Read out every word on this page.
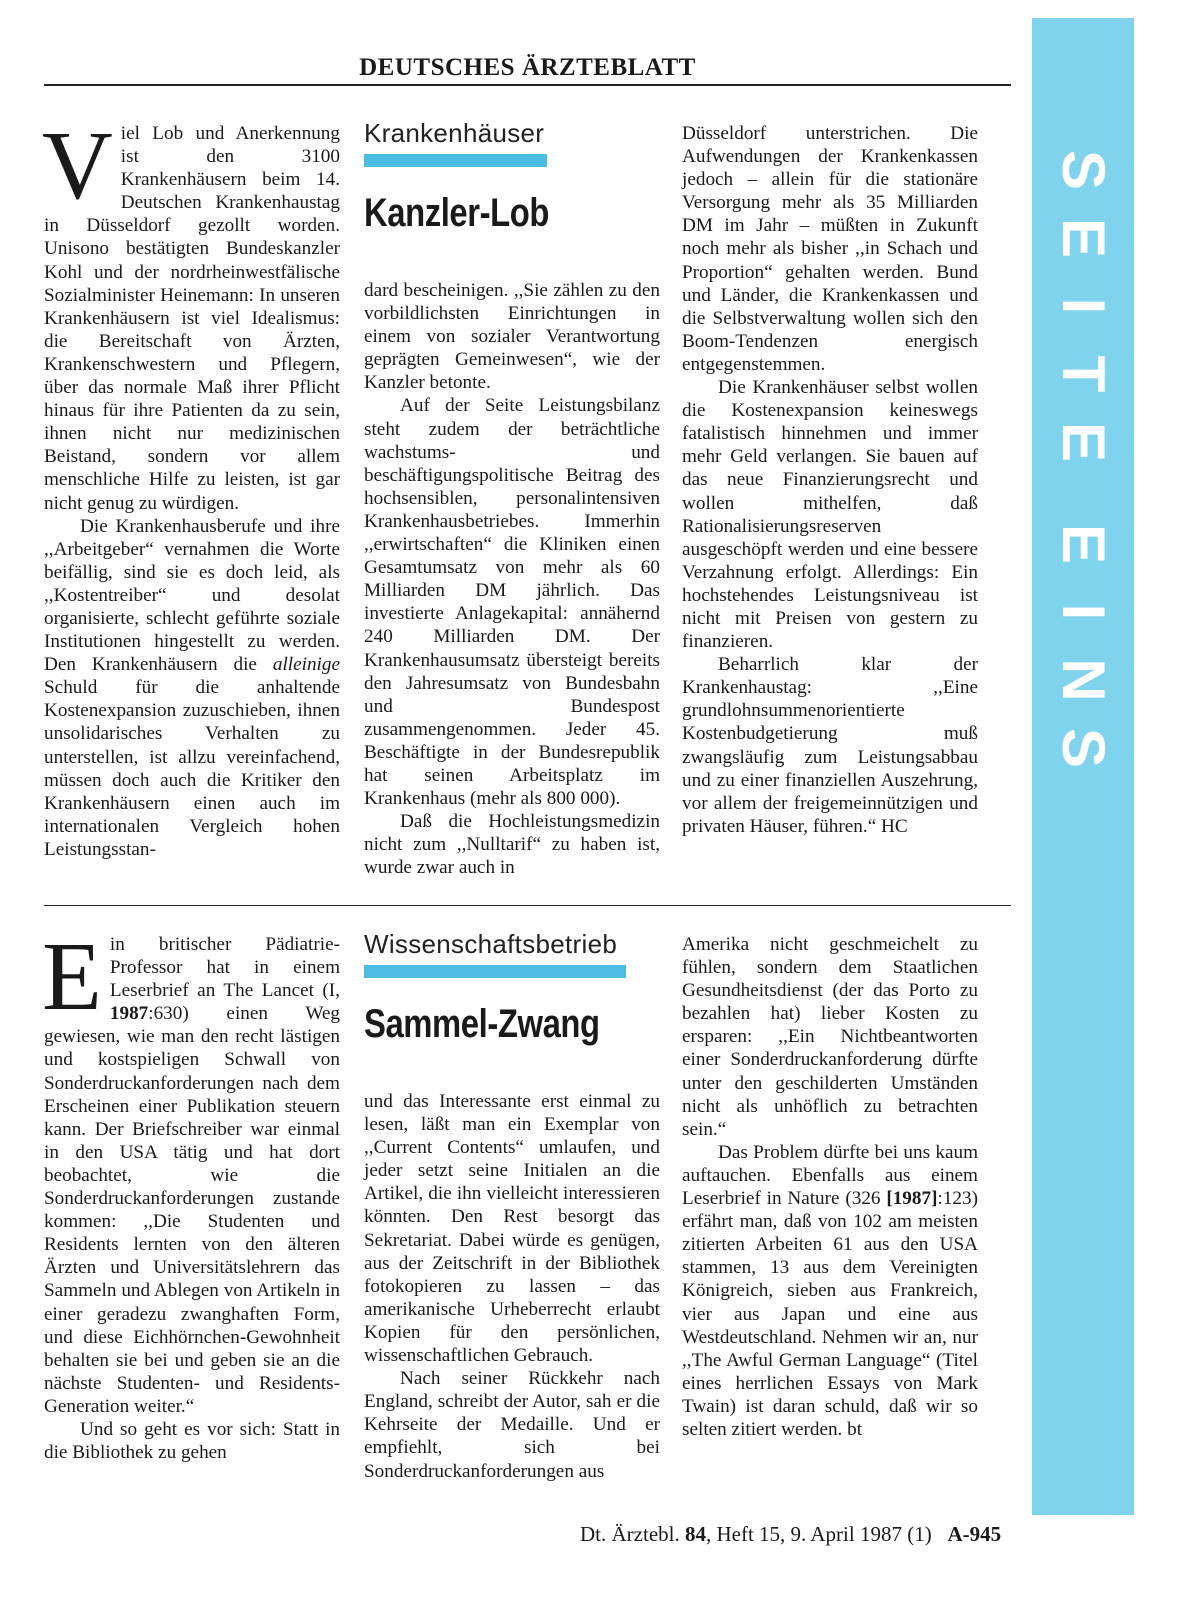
DEUTSCHES ÄRZTEBLATT
S
E
I
T
E
E
I
N
S

Viel Lob und Anerkennung ist den 3100 Krankenhäusern beim 14. Deutschen Krankenhaustag in Düsseldorf gezollt worden. Unisono bestätigten Bundeskanzler Kohl und der nordrheinwestfälische Sozialminister Heinemann: In unseren Krankenhäusern ist viel Idealismus: die Bereitschaft von Ärzten, Krankenschwestern und Pflegern, über das normale Maß ihrer Pflicht hinaus für ihre Patienten da zu sein, ihnen nicht nur medizinischen Beistand, sondern vor allem menschliche Hilfe zu leisten, ist gar nicht genug zu würdigen.

Die Krankenhausberufe und ihre ,,Arbeitgeber“ vernahmen die Worte beifällig, sind sie es doch leid, als ,,Kostentreiber“ und desolat organisierte, schlecht geführte soziale Institutionen hingestellt zu werden. Den Krankenhäusern die alleinige Schuld für die anhaltende Kostenexpansion zuzuschieben, ihnen unsolidarisches Verhalten zu unterstellen, ist allzu vereinfachend, müssen doch auch die Kritiker den Krankenhäusern einen auch im internationalen Vergleich hohen Leistungsstan-

Krankenhäuser
Kanzler-Lob

dard bescheinigen. ,,Sie zählen zu den vorbildlichsten Einrichtungen in einem von sozialer Verantwortung geprägten Gemeinwesen“, wie der Kanzler betonte.

Auf der Seite Leistungsbilanz steht zudem der beträchtliche wachstums- und beschäftigungspolitische Beitrag des hochsensiblen, personalintensiven Krankenhausbetriebes. Immerhin ,,erwirtschaften“ die Kliniken einen Gesamtumsatz von mehr als 60 Milliarden DM jährlich. Das investierte Anlagekapital: annähernd 240 Milliarden DM. Der Krankenhausumsatz übersteigt bereits den Jahresumsatz von Bundesbahn und Bundespost zusammengenommen. Jeder 45. Beschäftigte in der Bundesrepublik hat seinen Arbeitsplatz im Krankenhaus (mehr als 800 000).

Daß die Hochleistungsmedizin nicht zum ,,Nulltarif“ zu haben ist, wurde zwar auch in

Düsseldorf unterstrichen. Die Aufwendungen der Krankenkassen jedoch – allein für die stationäre Versorgung mehr als 35 Milliarden DM im Jahr – müßten in Zukunft noch mehr als bisher ,,in Schach und Proportion“ gehalten werden. Bund und Länder, die Krankenkassen und die Selbstverwaltung wollen sich den Boom-Tendenzen energisch entgegenstemmen.

Die Krankenhäuser selbst wollen die Kostenexpansion keineswegs fatalistisch hinnehmen und immer mehr Geld verlangen. Sie bauen auf das neue Finanzierungsrecht und wollen mithelfen, daß Rationalisierungsreserven ausgeschöpft werden und eine bessere Verzahnung erfolgt. Allerdings: Ein hochstehendes Leistungsniveau ist nicht mit Preisen von gestern zu finanzieren.

Beharrlich klar der Krankenhaustag: ,,Eine grundlohnsummenorientierte Kostenbudgetierung muß zwangsläufig zum Leistungsabbau und zu einer finanziellen Auszehrung, vor allem der freigemeinnützigen und privaten Häuser, führen.“ HC

Ein britischer Pädiatrie-Professor hat in einem Leserbrief an The Lancet (I, 1987:630) einen Weg gewiesen, wie man den recht lästigen und kostspieligen Schwall von Sonderdruckanforderungen nach dem Erscheinen einer Publikation steuern kann. Der Briefschreiber war einmal in den USA tätig und hat dort beobachtet, wie die Sonderdruckanforderungen zustande kommen: ,,Die Studenten und Residents lernten von den älteren Ärzten und Universitätslehrern das Sammeln und Ablegen von Artikeln in einer geradezu zwanghaften Form, und diese Eichhörnchen-Gewohnheit behalten sie bei und geben sie an die nächste Studenten- und Residents-Generation weiter.“

Und so geht es vor sich: Statt in die Bibliothek zu gehen

Wissenschaftsbetrieb
Sammel-Zwang

und das Interessante erst einmal zu lesen, läßt man ein Exemplar von ,,Current Contents“ umlaufen, und jeder setzt seine Initialen an die Artikel, die ihn vielleicht interessieren könnten. Den Rest besorgt das Sekretariat. Dabei würde es genügen, aus der Zeitschrift in der Bibliothek fotokopieren zu lassen – das amerikanische Urheberrecht erlaubt Kopien für den persönlichen, wissenschaftlichen Gebrauch.

Nach seiner Rückkehr nach England, schreibt der Autor, sah er die Kehrseite der Medaille. Und er empfiehlt, sich bei Sonderdruckanforderungen aus

Amerika nicht geschmeichelt zu fühlen, sondern dem Staatlichen Gesundheitsdienst (der das Porto zu bezahlen hat) lieber Kosten zu ersparen: ,,Ein Nichtbeantworten einer Sonderdruckanforderung dürfte unter den geschilderten Umständen nicht als unhöflich zu betrachten sein.“

Das Problem dürfte bei uns kaum auftauchen. Ebenfalls aus einem Leserbrief in Nature (326 [1987]:123) erfährt man, daß von 102 am meisten zitierten Arbeiten 61 aus den USA stammen, 13 aus dem Vereinigten Königreich, sieben aus Frankreich, vier aus Japan und eine aus Westdeutschland. Nehmen wir an, nur ,,The Awful German Language“ (Titel eines herrlichen Essays von Mark Twain) ist daran schuld, daß wir so selten zitiert werden. bt

Dt. Ärztebl. 84, Heft 15, 9. April 1987 (1) A-945
